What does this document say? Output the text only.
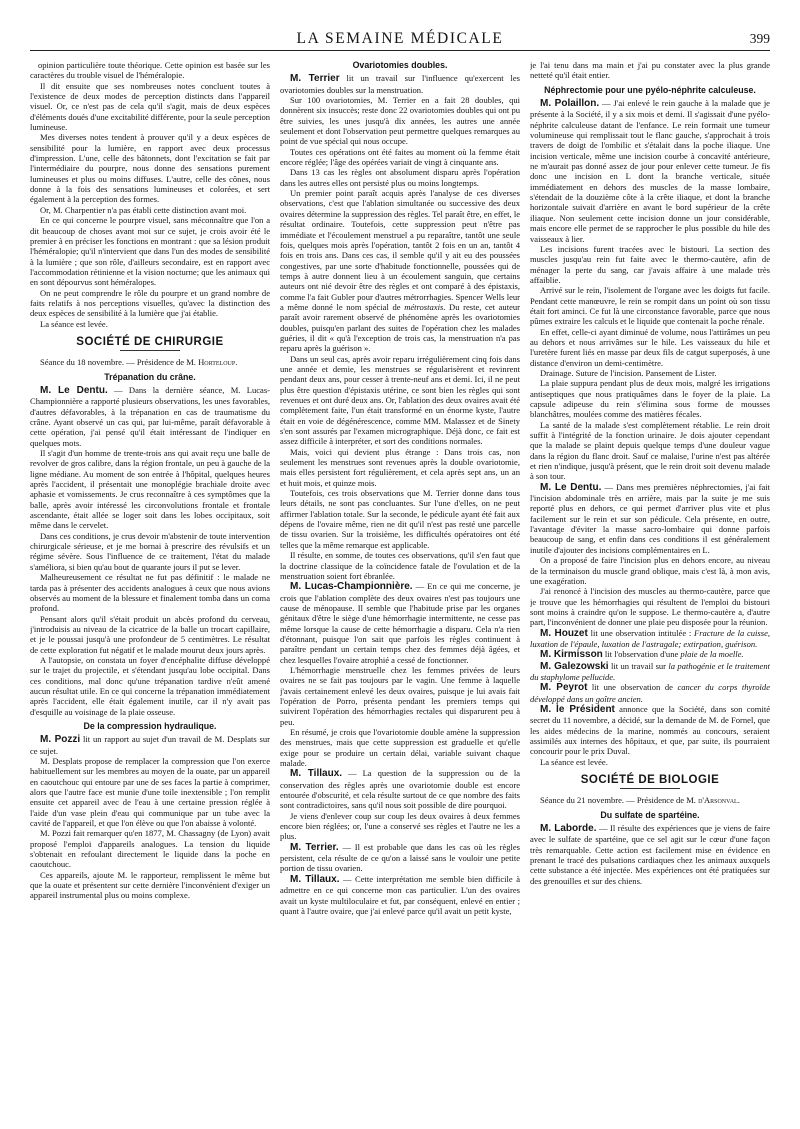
LA SEMAINE MÉDICALE	399

opinion particulière toute théorique. Cette opinion est basée sur les caractères du trouble visuel de l'héméralopie.

Il dit ensuite que ses nombreuses notes concluent toutes à l'existence de deux modes de perception distincts dans l'appareil visuel. Or, ce n'est pas de cela qu'il s'agit, mais de deux espèces d'éléments doués d'une excitabilité différente, pour la seule perception lumineuse.

Mes diverses notes tendent à prouver qu'il y a deux espèces de sensibilité pour la lumière, en rapport avec deux processus d'impression. L'une, celle des bâtonnets, dont l'excitation se fait par l'intermédiaire du pourpre, nous donne des sensations purement lumineuses et plus ou moins diffuses. L'autre, celle des cônes, nous donne à la fois des sensations lumineuses et colorées, et sert également à la perception des formes.

Or, M. Charpentier n'a pas établi cette distinction avant moi.

En ce qui concerne le pourpre visuel, sans méconnaître que l'on a dit beaucoup de choses avant moi sur ce sujet, je crois avoir été le premier à en préciser les fonctions en montrant : que sa lésion produit l'héméralopie; qu'il n'intervient que dans l'un des modes de sensibilité à la lumière ; que son rôle, d'ailleurs secondaire, est en rapport avec l'accommodation rétinienne et la vision nocturne; que les animaux qui en sont dépourvus sont héméralopes.

On ne peut comprendre le rôle du pourpre et un grand nombre de faits relatifs à nos perceptions visuelles, qu'avec la distinction des deux espèces de sensibilité à la lumière que j'ai établie.

La séance est levée.

SOCIÉTÉ DE CHIRURGIE

Séance du 18 novembre. — Présidence de M. Horteloup.

Trépanation du crâne.

M. Le Dentu. — Dans la dernière séance, M. Lucas-Championnière a rapporté plusieurs observations, les unes favorables, d'autres défavorables, à la trépanation en cas de traumatisme du crâne. Ayant observé un cas qui, par lui-même, paraît défavorable à cette opération, j'ai pensé qu'il était intéressant de l'indiquer en quelques mots.

Il s'agit d'un homme de trente-trois ans qui avait reçu une balle de revolver de gros calibre, dans la région frontale, un peu à gauche de la ligne médiane. Au moment de son entrée à l'hôpital, quelques heures après l'accident, il présentait une monoplégie brachiale droite avec aphasie et vomissements. Je crus reconnaître à ces symptômes que la balle, après avoir intéressé les circonvolutions frontale et frontale ascendante, était allée se loger soit dans les lobes occipitaux, soit même dans le cervelet.

Dans ces conditions, je crus devoir m'abstenir de toute intervention chirurgicale sérieuse, et je me bornai à prescrire des révulsifs et un régime sévère. Sous l'influence de ce traitement, l'état du malade s'améliora, si bien qu'au bout de quarante jours il put se lever.

Malheureusement ce résultat ne fut pas définitif : le malade ne tarda pas à présenter des accidents analogues à ceux que nous avions observés au moment de la blessure et finalement tomba dans un coma profond.

Pensant alors qu'il s'était produit un abcès profond du cerveau, j'introduisis au niveau de la cicatrice de la balle un trocart capillaire, et je le poussai jusqu'à une profondeur de 5 centimètres. Le résultat de cette exploration fut négatif et le malade mourut deux jours après.

A l'autopsie, on constata un foyer d'encéphalite diffuse développé sur le trajet du projectile, et s'étendant jusqu'au lobe occipital. Dans ces conditions, mal donc qu'une trépanation tardive n'eût amené aucun résultat utile. En ce qui concerne la trépanation immédiatement après l'accident, elle était également inutile, car il n'y avait pas d'esquille au voisinage de la plaie osseuse.

De la compression hydraulique.

M. Pozzi lit un rapport au sujet d'un travail de M. Desplats sur ce sujet.

M. Desplats propose de remplacer la compression que l'on exerce habituellement sur les membres au moyen de la ouate, par un appareil en caoutchouc qui entoure par une de ses faces la partie à comprimer, alors que l'autre face est munie d'une toile inextensible ; l'on remplit ensuite cet appareil avec de l'eau à une certaine pression réglée à l'aide d'un vase plein d'eau qui communique par un tube avec la cavité de l'appareil, et que l'on élève ou que l'on abaisse à volonté.

M. Pozzi fait remarquer qu'en 1877, M. Chassagny (de Lyon) avait proposé l'emploi d'appareils analogues. La tension du liquide s'obtenait en refoulant directement le liquide dans la poche en caoutchouc.

Ces appareils, ajoute M. le rapporteur, remplissent le même but que la ouate et présentent sur cette dernière l'inconvénient d'exiger un appareil instrumental plus ou moins complexe.

Ovariotomies doubles.

M. Terrier lit un travail sur l'influence qu'exercent les ovariotomies doubles sur la menstruation.

Sur 100 ovariotomies, M. Terrier en a fait 28 doubles, qui donnèrent six insuccès; reste donc 22 ovariotomies doubles qui ont pu être suivies, les unes jusqu'à dix années, les autres une année seulement et dont l'observation peut permettre quelques remarques au point de vue spécial qui nous occupe.

Toutes ces opérations ont été faites au moment où la femme était encore réglée; l'âge des opérées variait de vingt à cinquante ans.

Dans 13 cas les règles ont absolument disparu après l'opération dans les autres elles ont persisté plus ou moins longtemps.

Un premier point paraît acquis après l'analyse de ces diverses observations, c'est que l'ablation simultanée ou successive des deux ovaires détermine la suppression des règles. Tel paraît être, en effet, le résultat ordinaire. Toutefois, cette suppression peut n'être pas immédiate et l'écoulement menstruel a pu reparaître, tantôt une seule fois, quelques mois après l'opération, tantôt 2 fois en un an, tantôt 4 fois en trois ans. Dans ces cas, il semble qu'il y ait eu des poussées congestives, par une sorte d'habitude fonctionnelle, poussées qui de temps à autre donnent lieu à un écoulement sanguin, que certains auteurs ont nié devoir être des règles et ont comparé à des épistaxis, comme l'a fait Gubler pour d'autres métrorrhagies. Spencer Wells leur a même donné le nom spécial de métrostaxis. Du reste, cet auteur paraît avoir rarement observé de phénomène après les ovariotomies doubles, puisqu'en parlant des suites de l'opération chez les malades guéries, il dit « qu'à l'exception de trois cas, la menstruation n'a pas reparu après la guérison ».

Dans un seul cas, après avoir reparu irrégulièrement cinq fois dans une année et demie, les menstrues se régularisèrent et revinrent pendant deux ans, pour cesser à trente-neuf ans et demi. Ici, il ne peut plus être question d'épistaxis utérine, ce sont bien les règles qui sont revenues et ont duré deux ans. Or, l'ablation des deux ovaires avait été complètement faite, l'un était transformé en un énorme kyste, l'autre était en voie de dégénérescence, comme MM. Malassez et de Sinety s'en sont assurés par l'examen micrographique. Déjà donc, ce fait est assez difficile à interpréter, et sort des conditions normales.

Mais, voici qui devient plus étrange : Dans trois cas, non seulement les menstrues sont revenues après la double ovariotomie, mais elles persistent fort régulièrement, et cela après sept ans, un an et huit mois, et quinze mois.

Toutefois, ces trois observations que M. Terrier donne dans tous leurs détails, ne sont pas concluantes. Sur l'une d'elles, on ne peut affirmer l'ablation totale. Sur la seconde, le pédicule ayant été fait aux dépens de l'ovaire même, rien ne dit qu'il n'est pas resté une parcelle de tissu ovarien. Sur la troisième, les difficultés opératoires ont été telles que la même remarque est applicable.

Il résulte, en somme, de toutes ces observations, qu'il s'en faut que la doctrine classique de la coïncidence fatale de l'ovulation et de la menstruation soient fort ébranlée.

M. Lucas-Championnière. — En ce qui me concerne, je crois que l'ablation complète des deux ovaires n'est pas toujours une cause de ménopause. Il semble que l'habitude prise par les organes génitaux d'être le siège d'une hémorrhagie intermittente, ne cesse pas même lorsque la cause de cette hémorrhagie a disparu. Cela n'a rien d'étonnant, puisque l'on sait que parfois les règles continuent à paraître pendant un certain temps chez des femmes déjà âgées, et chez lesquelles l'ovaire atrophié a cessé de fonctionner.

L'hémorrhagie menstruelle chez les femmes privées de leurs ovaires ne se fait pas toujours par le vagin. Une femme à laquelle j'avais certainement enlevé les deux ovaires, puisque je lui avais fait l'opération de Porro, présenta pendant les premiers temps qui suivirent l'opération des hémorrhagies rectales qui disparurent peu à peu.

En résumé, je crois que l'ovariotomie double amène la suppression des menstrues, mais que cette suppression est graduelle et qu'elle exige pour se produire un certain délai, variable suivant chaque malade.

M. Tillaux. — La question de la suppression ou de la conservation des règles après une ovariotomie double est encore entourée d'obscurité, et cela résulte surtout de ce que nombre des faits sont contradictoires, sans qu'il nous soit possible de dire pourquoi.

Je viens d'enlever coup sur coup les deux ovaires à deux femmes encore bien réglées; or, l'une a conservé ses règles et l'autre ne les a plus.

M. Terrier. — Il est probable que dans les cas où les règles persistent, cela résulte de ce qu'on a laissé sans le vouloir une petite portion de tissu ovarien.

M. Tillaux. — Cette interprétation me semble bien difficile à admettre en ce qui concerne mon cas particulier. L'un des ovaires avait un kyste multiloculaire et fut, par conséquent, enlevé en entier ; quant à l'autre ovaire, que j'ai enlevé parce qu'il avait un petit kyste,

je l'ai tenu dans ma main et j'ai pu constater avec la plus grande netteté qu'il était entier.

Néphrectomie pour une pyélo-néphrite calculeuse.

M. Polaillon. — J'ai enlevé le rein gauche à la malade que je présente à la Société, il y a six mois et demi. Il s'agissait d'une pyélo-néphrite calculeuse datant de l'enfance. Le rein formait une tumeur volumineuse qui remplissait tout le flanc gauche, s'approchait à trois travers de doigt de l'ombilic et s'étalait dans la poche iliaque. Une incision verticale, même une incision courbe à concavité antérieure, ne m'aurait pas donné assez de jour pour enlever cette tumeur. Je fis donc une incision en L dont la branche verticale, située immédiatement en dehors des muscles de la masse lombaire, s'étendait de la douzième côte à la crête iliaque, et dont la branche horizontale suivait d'arrière en avant le bord supérieur de la crête iliaque. Non seulement cette incision donne un jour considérable, mais encore elle permet de se rapprocher le plus possible du hile des vaisseaux à lier.

Les incisions furent tracées avec le bistouri. La section des muscles jusqu'au rein fut faite avec le thermo-cautère, afin de ménager la perte du sang, car j'avais affaire à une malade très affaiblie.

Arrivé sur le rein, l'isolement de l'organe avec les doigts fut facile. Pendant cette manœuvre, le rein se rompit dans un point où son tissu était fort aminci. Ce fut là une circonstance favorable, parce que nous pûmes extraire les calculs et le liquide que contenait la poche rénale.

En effet, celle-ci ayant diminué de volume, nous l'attirâmes un peu au dehors et nous arrivâmes sur le hile. Les vaisseaux du hile et l'uretère furent liés en masse par deux fils de catgut superposés, à une distance d'environ un demi-centimètre.

Drainage. Suture de l'incision. Pansement de Lister.

La plaie suppura pendant plus de deux mois, malgré les irrigations antiseptiques que nous pratiquâmes dans le foyer de la plaie. La capsule adipeuse du rein s'élimina sous forme de mousses blanchâtres, moulées comme des matières fécales.

La santé de la malade s'est complètement rétablie. Le rein droit suffit à l'intégrité de la fonction urinaire. Je dois ajouter cependant que la malade se plaint depuis quelque temps d'une douleur vague dans la région du flanc droit. Sauf ce malaise, l'urine n'est pas altérée et rien n'indique, jusqu'à présent, que le rein droit soit devenu malade à son tour.

M. Le Dentu. — Dans mes premières néphrectomies, j'ai fait l'incision abdominale très en arrière, mais par la suite je me suis reporté plus en dehors, ce qui permet d'arriver plus vite et plus facilement sur le rein et sur son pédicule. Cela présente, en outre, l'avantage d'éviter la masse sacro-lombaire qui donne parfois beaucoup de sang, et enfin dans ces conditions il est généralement inutile d'ajouter des incisions complémentaires en L.

On a proposé de faire l'incision plus en dehors encore, au niveau de la terminaison du muscle grand oblique, mais c'est là, à mon avis, une exagération.

J'ai renoncé à l'incision des muscles au thermo-cautère, parce que je trouve que les hémorrhagies qui résultent de l'emploi du bistouri sont moins à craindre qu'on le suppose. Le thermo-cautère a, d'autre part, l'inconvénient de donner une plaie peu disposée pour la réunion.

M. Houzet lit une observation intitulée : Fracture de la cuisse, luxation de l'épaule, luxation de l'astragale; extirpation, guérison.

M. Kirmisson lit l'observation d'une plaie de la moelle.

M. Galezowski lit un travail sur la pathogénie et le traitement du staphylome pellucide.

M. Peyrot lit une observation de cancer du corps thyroïde développé dans un goître ancien.

M. le Président annonce que la Société, dans son comité secret du 11 novembre, a décidé, sur la demande de M. de Fornel, que les aides médecins de la marine, nommés au concours, seraient assimilés aux internes des hôpitaux, et que, par suite, ils pourraient concourir pour le prix Duval.

La séance est levée.

SOCIÉTÉ DE BIOLOGIE

Séance du 21 novembre. — Présidence de M. d'Arsonval.

Du sulfate de spartéine.

M. Laborde. — Il résulte des expériences que je viens de faire avec le sulfate de spartéine, que ce sel agit sur le cœur d'une façon très remarquable. Cette action est facilement mise en évidence en prenant le tracé des pulsations cardiaques chez les animaux auxquels cette substance a été injectée. Mes expériences ont été pratiquées sur des grenouilles et sur des chiens.
